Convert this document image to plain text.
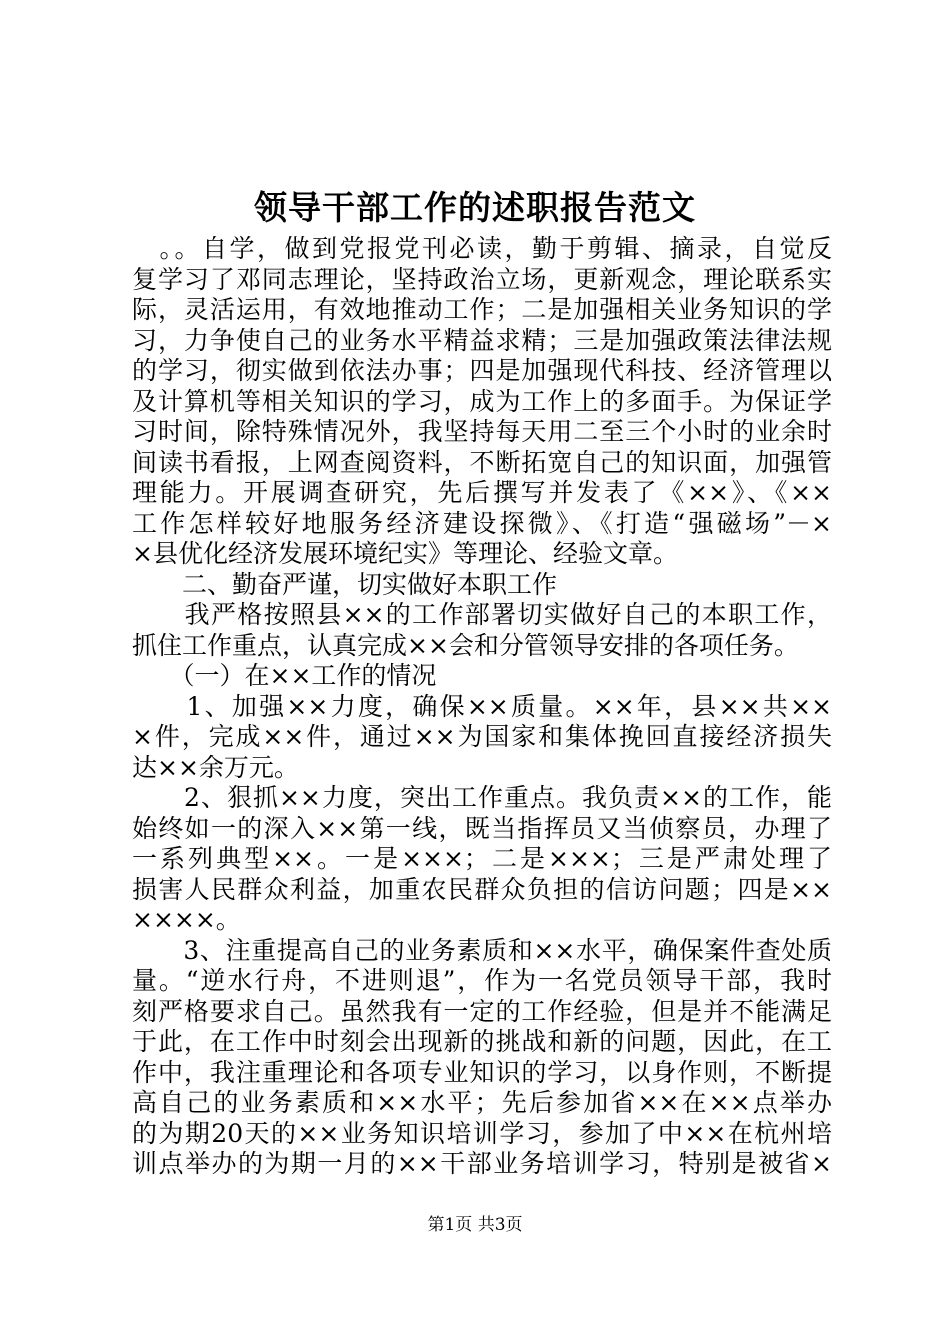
领导干部工作的述职报告范文
　。。自学，做到党报党刊必读，勤于剪辑、摘录，自觉反
复学习了邓同志理论，坚持政治立场，更新观念，理论联系实
际，灵活运用，有效地推动工作；二是加强相关业务知识的学
习，力争使自己的业务水平精益求精；三是加强政策法律法规
的学习，彻实做到依法办事；四是加强现代科技、经济管理以
及计算机等相关知识的学习，成为工作上的多面手。为保证学
习时间，除特殊情况外，我坚持每天用二至三个小时的业余时
间读书看报，上网查阅资料，不断拓宽自己的知识面，加强管
理能力。开展调查研究，先后撰写并发表了《××》、《××
工作怎样较好地服务经济建设探微》、《打造“强磁场”－×
×县优化经济发展环境纪实》等理论、经验文章。
　　二、勤奋严谨，切实做好本职工作
　　我严格按照县××的工作部署切实做好自己的本职工作，
抓住工作重点，认真完成××会和分管领导安排的各项任务。
　　（一）在××工作的情况
　　1、加强××力度，确保××质量。××年，县××共××
×件，完成××件，通过××为国家和集体挽回直接经济损失
达××余万元。
　　2、狠抓××力度，突出工作重点。我负责××的工作，能
始终如一的深入××第一线，既当指挥员又当侦察员，办理了
一系列典型××。一是×××；二是×××；三是严肃处理了
损害人民群众利益，加重农民群众负担的信访问题；四是××
××××。
　　3、注重提高自己的业务素质和××水平，确保案件查处质
量。“逆水行舟，不进则退”，作为一名党员领导干部，我时
刻严格要求自己。虽然我有一定的工作经验，但是并不能满足
于此，在工作中时刻会出现新的挑战和新的问题，因此，在工
作中，我注重理论和各项专业知识的学习，以身作则，不断提
高自己的业务素质和××水平；先后参加省××在××点举办
的为期20天的××业务知识培训学习，参加了中××在杭州培
训点举办的为期一月的××干部业务培训学习，特别是被省×
第1页 共3页
